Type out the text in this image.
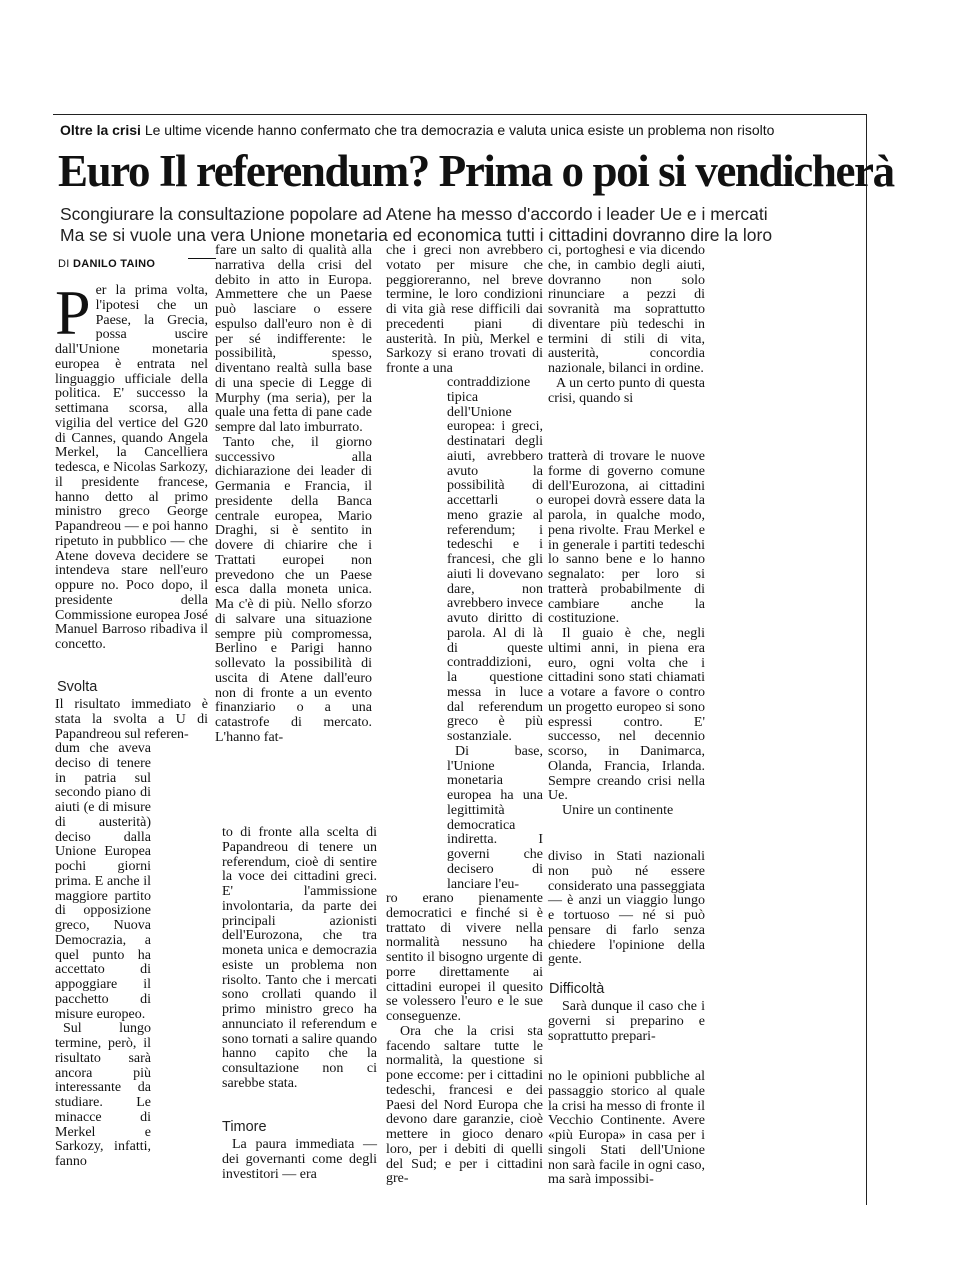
Oltre la crisi Le ultime vicende hanno confermato che tra democrazia e valuta unica esiste un problema non risolto
Euro Il referendum? Prima o poi si vendicherà
Scongiurare la consultazione popolare ad Atene ha messo d'accordo i leader Ue e i mercati
Ma se si vuole una vera Unione monetaria ed economica tutti i cittadini dovranno dire la loro
DI DANILO TAINO

Per la prima volta, l'ipotesi che un Paese, la Grecia, possa uscire dall'Unione monetaria europea è entrata nel linguaggio ufficiale della politica. E' successo la settimana scorsa, alla vigilia del vertice del G20 di Cannes, quando Angela Merkel, la Cancelliera tedesca, e Nicolas Sarkozy, il presidente francese, hanno detto al primo ministro greco George Papandreou — e poi hanno ripetuto in pubblico — che Atene doveva decidere se intendeva stare nell'euro oppure no. Poco dopo, il presidente della Commissione europea José Manuel Barroso ribadiva il concetto.

Svolta

Il risultato immediato è stata la svolta a U di Papandreou sul referen-

dum che aveva deciso di tenere in patria sul secondo piano di aiuti (e di misure di austerità) deciso dalla Unione Europea pochi giorni prima. E anche il maggiore partito di opposizione greco, Nuova Democrazia, a quel punto ha accettato di appoggiare il pacchetto di misure europeo.

Sul lungo termine, però, il risultato sarà ancora più interessante da studiare. Le minacce di Merkel e Sarkozy, infatti, fanno

fare un salto di qualità alla narrativa della crisi del debito in atto in Europa. Ammettere che un Paese può lasciare o essere espulso dall'euro non è di per sé indifferente: le possibilità, spesso, diventano realtà sulla base di una specie di Legge di Murphy (ma seria), per la quale una fetta di pane cade sempre dal lato imburrato.

Tanto che, il giorno successivo alla dichiarazione dei leader di Germania e Francia, il presidente della Banca centrale europea, Mario Draghi, si è sentito in dovere di chiarire che i Trattati europei non prevedono che un Paese esca dalla moneta unica. Ma c'è di più. Nello sforzo di salvare una situazione sempre più compromessa, Berlino e Parigi hanno sollevato la possibilità di uscita di Atene dall'euro non di fronte a un evento finanziario o a una catastrofe di mercato. L'hanno fat-

to di fronte alla scelta di Papandreou di tenere un referendum, cioè di sentire la voce dei cittadini greci. E' l'ammissione involontaria, da parte dei principali azionisti dell'Eurozona, che tra moneta unica e democrazia esiste un problema non risolto. Tanto che i mercati sono crollati quando il primo ministro greco ha annunciato il referendum e sono tornati a salire quando hanno capito che la consultazione non ci sarebbe stata.

Timore

La paura immediata — dei governanti come degli investitori — era

che i greci non avrebbero votato per misure che peggioreranno, nel breve termine, le loro condizioni di vita già rese difficili dai precedenti piani di austerità. In più, Merkel e Sarkozy si erano trovati di fronte a una

contraddizione tipica dell'Unione europea: i greci, destinatari degli aiuti, avrebbero avuto la possibilità di accettarli o meno grazie al referendum; i tedeschi e i francesi, che gli aiuti li dovevano dare, non avrebbero invece avuto diritto di parola. Al di là di queste contraddizioni, la questione messa in luce dal referendum greco è più sostanziale.

Di base, l'Unione monetaria europea ha una legittimità democratica indiretta. I governi che decisero di lanciare l'eu-

ro erano pienamente democratici e finché si è trattato di vivere nella normalità nessuno ha sentito il bisogno urgente di porre direttamente ai cittadini europei il quesito se volessero l'euro e le sue conseguenze.

Ora che la crisi sta facendo saltare tutte le normalità, la questione si pone eccome: per i cittadini tedeschi, francesi e dei Paesi del Nord Europa che devono dare garanzie, cioè mettere in gioco denaro loro, per i debiti di quelli del Sud; e per i cittadini gre-

ci, portoghesi e via dicendo che, in cambio degli aiuti, dovranno non solo rinunciare a pezzi di sovranità ma soprattutto diventare più tedeschi in termini di stili di vita, austerità, concordia nazionale, bilanci in ordine.

A un certo punto di questa crisi, quando si

tratterà di trovare le nuove forme di governo comune dell'Eurozona, ai cittadini europei dovrà essere data la parola, in qualche modo, pena rivolte. Frau Merkel e in generale i partiti tedeschi lo sanno bene e lo hanno segnalato: per loro si tratterà probabilmente di cambiare anche la costituzione.

Il guaio è che, negli ultimi anni, in piena era euro, ogni volta che i cittadini sono stati chiamati a votare a favore o contro un progetto europeo si sono espressi contro. E' successo, nel decennio scorso, in Danimarca, Olanda, Francia, Irlanda. Sempre creando crisi nella Ue.

Unire un continente

diviso in Stati nazionali non può né essere considerato una passeggiata — è anzi un viaggio lungo e tortuoso — né si può pensare di farlo senza chiedere l'opinione della gente.

Difficoltà

Sarà dunque il caso che i governi si preparino e soprattutto prepari-

no le opinioni pubbliche al passaggio storico al quale la crisi ha messo di fronte il Vecchio Continente. Avere «più Europa» in casa per i singoli Stati dell'Unione non sarà facile in ogni caso, ma sarà impossibi-
